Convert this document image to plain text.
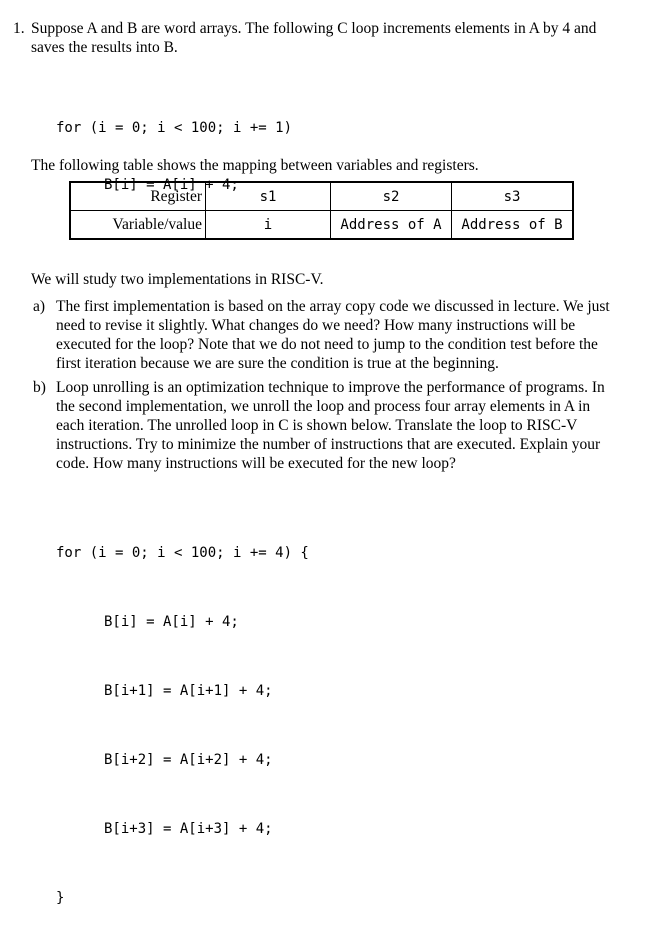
1. Suppose A and B are word arrays. The following C loop increments elements in A by 4 and
saves the results into B.

for (i = 0; i < 100; i += 1)

B[i] = A[i] + 4;

The following table shows the mapping between variables and registers.
Register	s1	s2	s3
Variable/value	i	Address of A	Address of B
We will study two implementations in RISC-V.
a) The first implementation is based on the array copy code we discussed in lecture. We just
need to revise it slightly. What changes do we need? How many instructions will be
executed for the loop? Note that we do not need to jump to the condition test before the
first iteration because we are sure the condition is true at the beginning.
b) Loop unrolling is an optimization technique to improve the performance of programs. In
the second implementation, we unroll the loop and process four array elements in A in
each iteration. The unrolled loop in C is shown below. Translate the loop to RISC-V
instructions. Try to minimize the number of instructions that are executed. Explain your
code. How many instructions will be executed for the new loop?

for (i = 0; i < 100; i += 4) {

B[i] = A[i] + 4;

B[i+1] = A[i+1] + 4;

B[i+2] = A[i+2] + 4;

B[i+3] = A[i+3] + 4;

}
